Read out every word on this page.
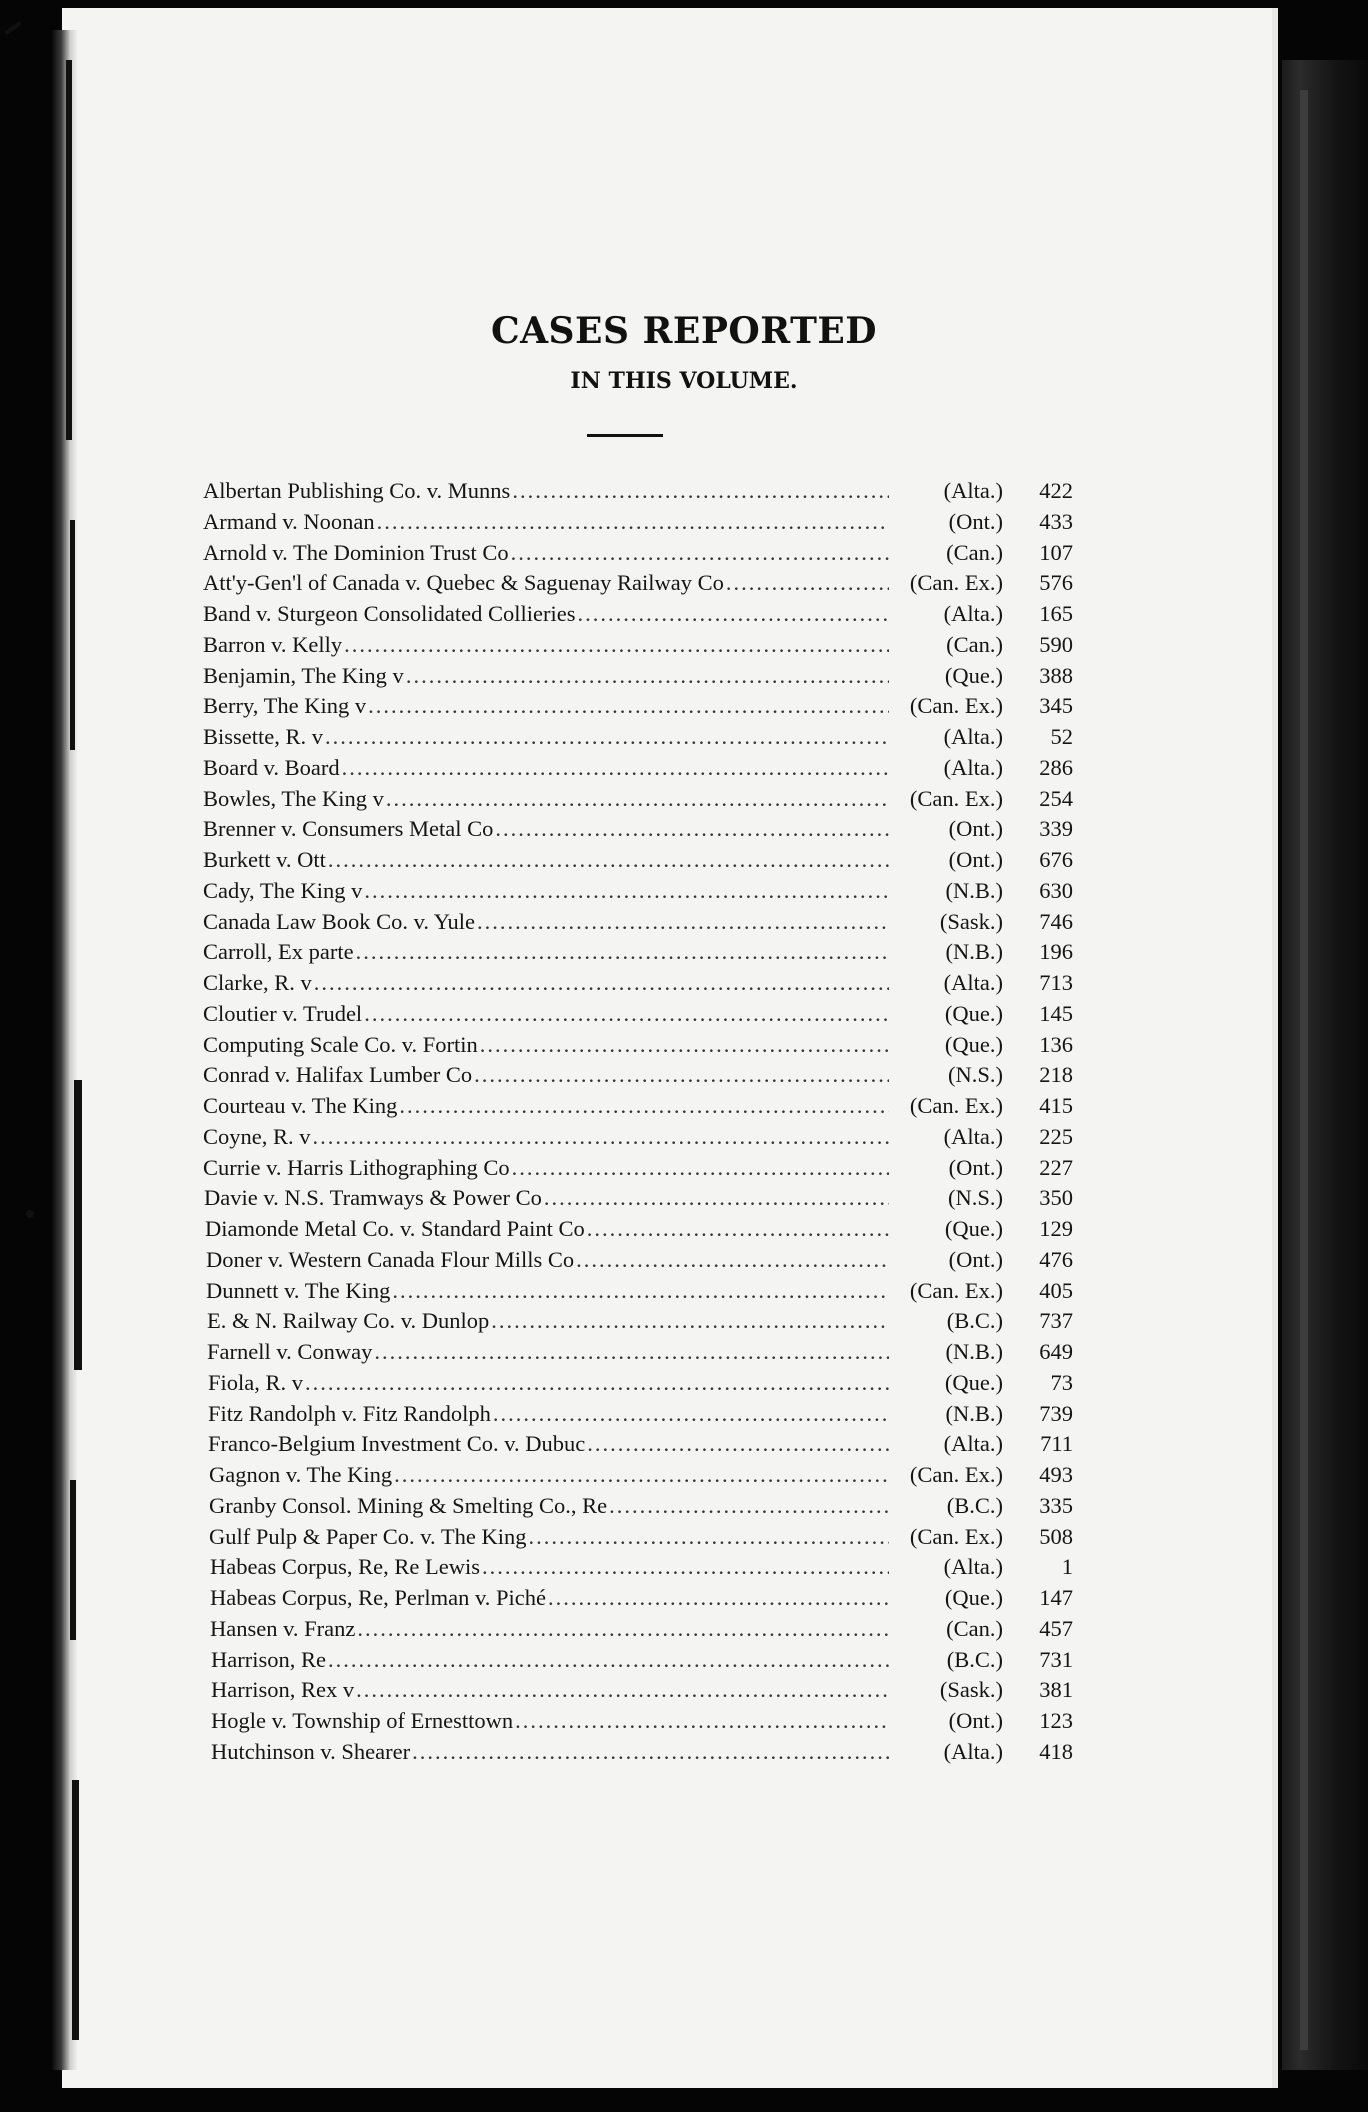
CASES REPORTED
IN THIS VOLUME.
Albertan Publishing Co. v. Munns .....	(Alta.)	422
Armand v. Noonan .....	(Ont.)	433
Arnold v. The Dominion Trust Co .....	(Can.)	107
Att'y-Gen'l of Canada v. Quebec & Saguenay Railway Co .....	(Can. Ex.)	576
Band v. Sturgeon Consolidated Collieries .....	(Alta.)	165
Barron v. Kelly .....	(Can.)	590
Benjamin, The King v .....	(Que.)	388
Berry, The King v .....	(Can. Ex.)	345
Bissette, R. v .....	(Alta.)	52
Board v. Board .....	(Alta.)	286
Bowles, The King v .....	(Can. Ex.)	254
Brenner v. Consumers Metal Co .....	(Ont.)	339
Burkett v. Ott .....	(Ont.)	676
Cady, The King v .....	(N.B.)	630
Canada Law Book Co. v. Yule .....	(Sask.)	746
Carroll, Ex parte .....	(N.B.)	196
Clarke, R. v .....	(Alta.)	713
Cloutier v. Trudel .....	(Que.)	145
Computing Scale Co. v. Fortin .....	(Que.)	136
Conrad v. Halifax Lumber Co .....	(N.S.)	218
Courteau v. The King .....	(Can. Ex.)	415
Coyne, R. v .....	(Alta.)	225
Currie v. Harris Lithographing Co .....	(Ont.)	227
Davie v. N.S. Tramways & Power Co .....	(N.S.)	350
Diamonde Metal Co. v. Standard Paint Co .....	(Que.)	129
Doner v. Western Canada Flour Mills Co .....	(Ont.)	476
Dunnett v. The King .....	(Can. Ex.)	405
E. & N. Railway Co. v. Dunlop .....	(B.C.)	737
Farnell v. Conway .....	(N.B.)	649
Fiola, R. v .....	(Que.)	73
Fitz Randolph v. Fitz Randolph .....	(N.B.)	739
Franco-Belgium Investment Co. v. Dubuc .....	(Alta.)	711
Gagnon v. The King .....	(Can. Ex.)	493
Granby Consol. Mining & Smelting Co., Re .....	(B.C.)	335
Gulf Pulp & Paper Co. v. The King .....	(Can. Ex.)	508
Habeas Corpus, Re, Re Lewis .....	(Alta.)	1
Habeas Corpus, Re, Perlman v. Piché .....	(Que.)	147
Hansen v. Franz .....	(Can.)	457
Harrison, Re .....	(B.C.)	731
Harrison, Rex v .....	(Sask.)	381
Hogle v. Township of Ernesttown .....	(Ont.)	123
Hutchinson v. Shearer .....	(Alta.)	418
